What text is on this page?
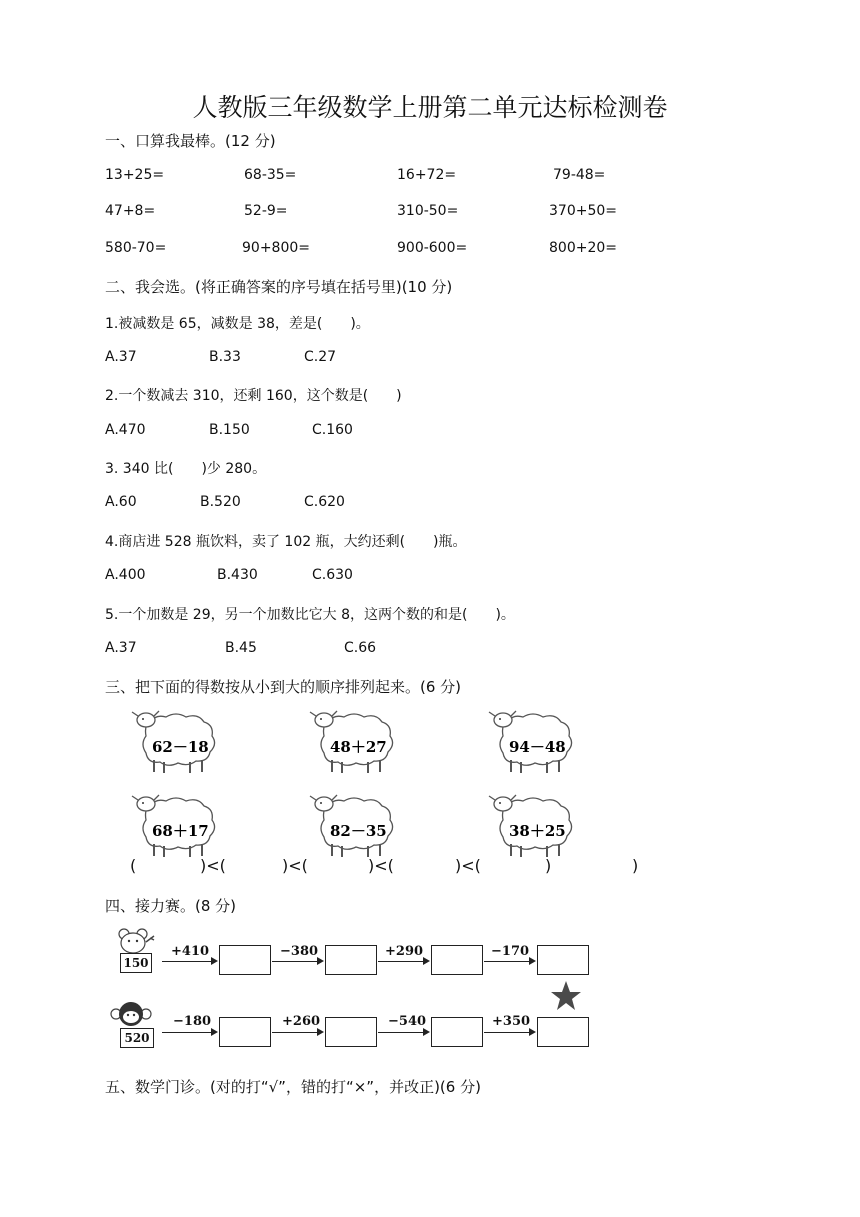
人教版三年级数学上册第二单元达标检测卷
一、口算我最棒。(12 分)
13+25=	68-35=	16+72=	79-48=
47+8=	52-9=	310-50=	370+50=
580-70=	90+800=	900-600=	800+20=
二、我会选。(将正确答案的序号填在括号里)(10 分)
1.被减数是 65，减数是 38，差是(　　)。
A.37	B.33	C.27
2.一个数减去 310，还剩 160，这个数是(　　)
A.470	B.150	C.160
3. 340 比(　　)少 280。
A.60	B.520	C.620
4.商店进 528 瓶饮料，卖了 102 瓶，大约还剩(　　)瓶。
A.400	B.430	C.630
5.一个加数是 29，另一个加数比它大 8，这两个数的和是(　　)。
A.37	B.45	C.66
三、把下面的得数按从小到大的顺序排列起来。(6 分)
62－18	48＋27	94－48
68＋17	82－35	38＋25
(	)<(	)<(	)<(	)<(	)	)
四、接力赛。(8 分)
150
+410	−380	+290	−170
520
−180	+260	−540	+350
五、数学门诊。(对的打“√”，错的打“×”，并改正)(6 分)
